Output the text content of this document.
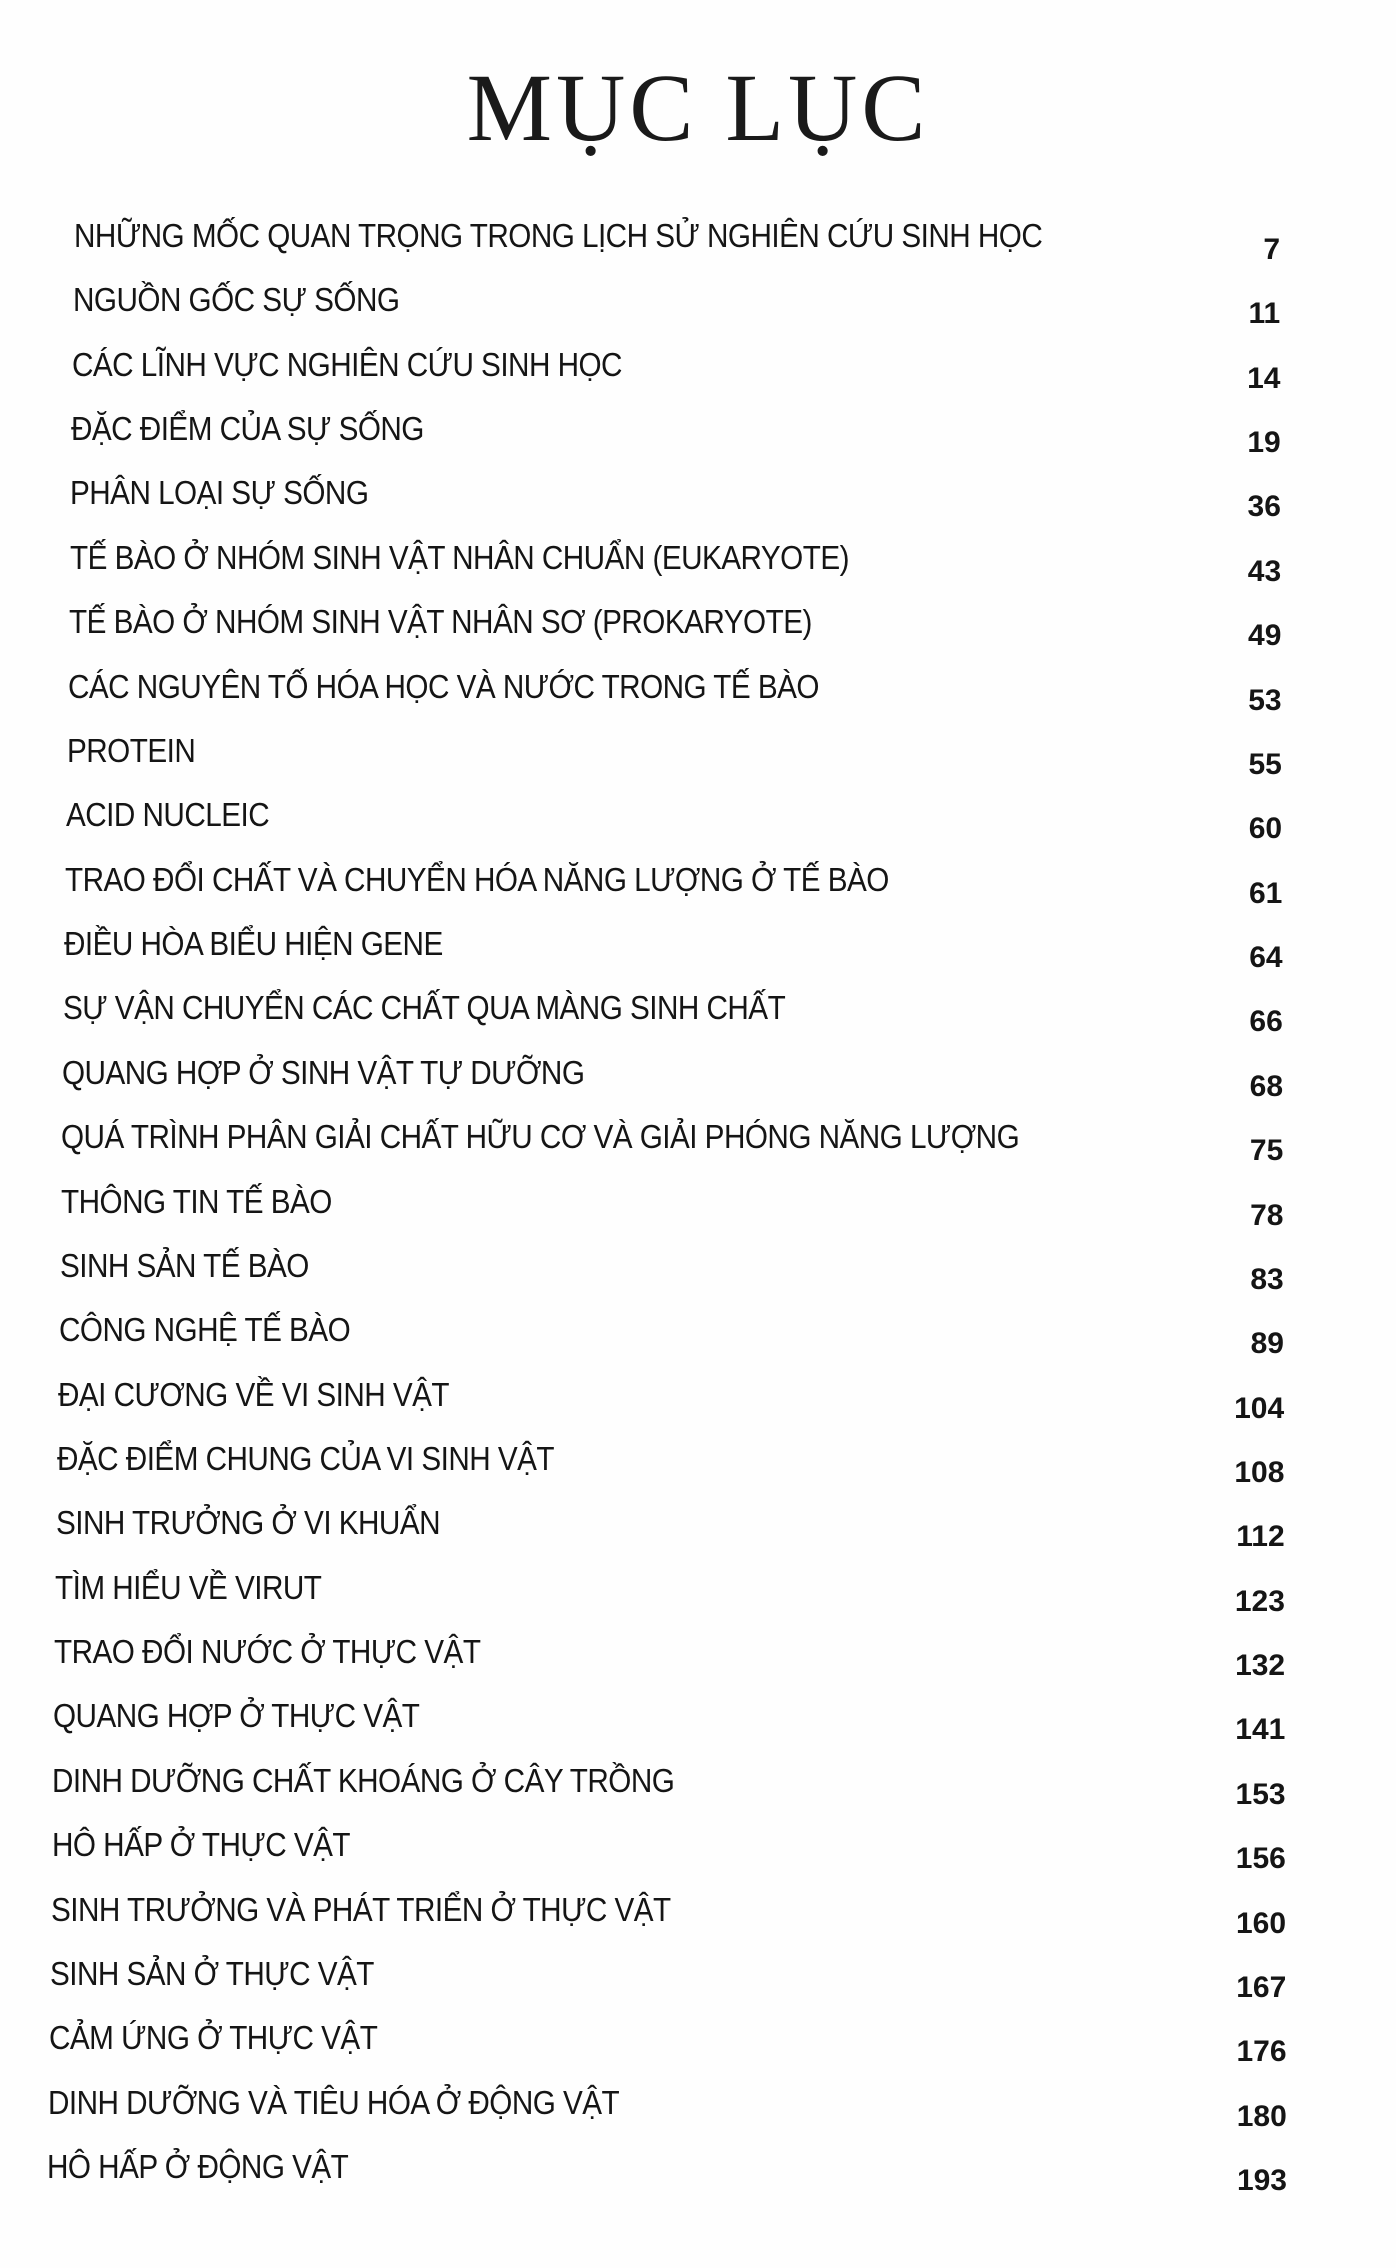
MỤC LỤC
NHỮNG MỐC QUAN TRỌNG TRONG LỊCH SỬ NGHIÊN CỨU SINH HỌC	7
NGUỒN GỐC SỰ SỐNG	11
CÁC LĨNH VỰC NGHIÊN CỨU SINH HỌC	14
ĐẶC ĐIỂM CỦA SỰ SỐNG	19
PHÂN LOẠI SỰ SỐNG	36
TẾ BÀO Ở NHÓM SINH VẬT NHÂN CHUẨN (EUKARYOTE)	43
TẾ BÀO Ở NHÓM SINH VẬT NHÂN SƠ (PROKARYOTE)	49
CÁC NGUYÊN TỐ HÓA HỌC VÀ NƯỚC TRONG TẾ BÀO	53
PROTEIN	55
ACID NUCLEIC	60
TRAO ĐỔI CHẤT VÀ CHUYỂN HÓA NĂNG LƯỢNG Ở TẾ BÀO	61
ĐIỀU HÒA BIỂU HIỆN GENE	64
SỰ VẬN CHUYỂN CÁC CHẤT QUA MÀNG SINH CHẤT	66
QUANG HỢP Ở SINH VẬT TỰ DƯỠNG	68
QUÁ TRÌNH PHÂN GIẢI CHẤT HỮU CƠ VÀ GIẢI PHÓNG NĂNG LƯỢNG	75
THÔNG TIN TẾ BÀO	78
SINH SẢN TẾ BÀO	83
CÔNG NGHỆ TẾ BÀO	89
ĐẠI CƯƠNG VỀ VI SINH VẬT	104
ĐẶC ĐIỂM CHUNG CỦA VI SINH VẬT	108
SINH TRƯỞNG Ở VI KHUẨN	112
TÌM HIỂU VỀ VIRUT	123
TRAO ĐỔI NƯỚC Ở THỰC VẬT	132
QUANG HỢP Ở THỰC VẬT	141
DINH DƯỠNG CHẤT KHOÁNG Ở CÂY TRỒNG	153
HÔ HẤP Ở THỰC VẬT	156
SINH TRƯỞNG VÀ PHÁT TRIỂN Ở THỰC VẬT	160
SINH SẢN Ở THỰC VẬT	167
CẢM ỨNG Ở THỰC VẬT	176
DINH DƯỠNG VÀ TIÊU HÓA Ở ĐỘNG VẬT	180
HÔ HẤP Ở ĐỘNG VẬT	193
